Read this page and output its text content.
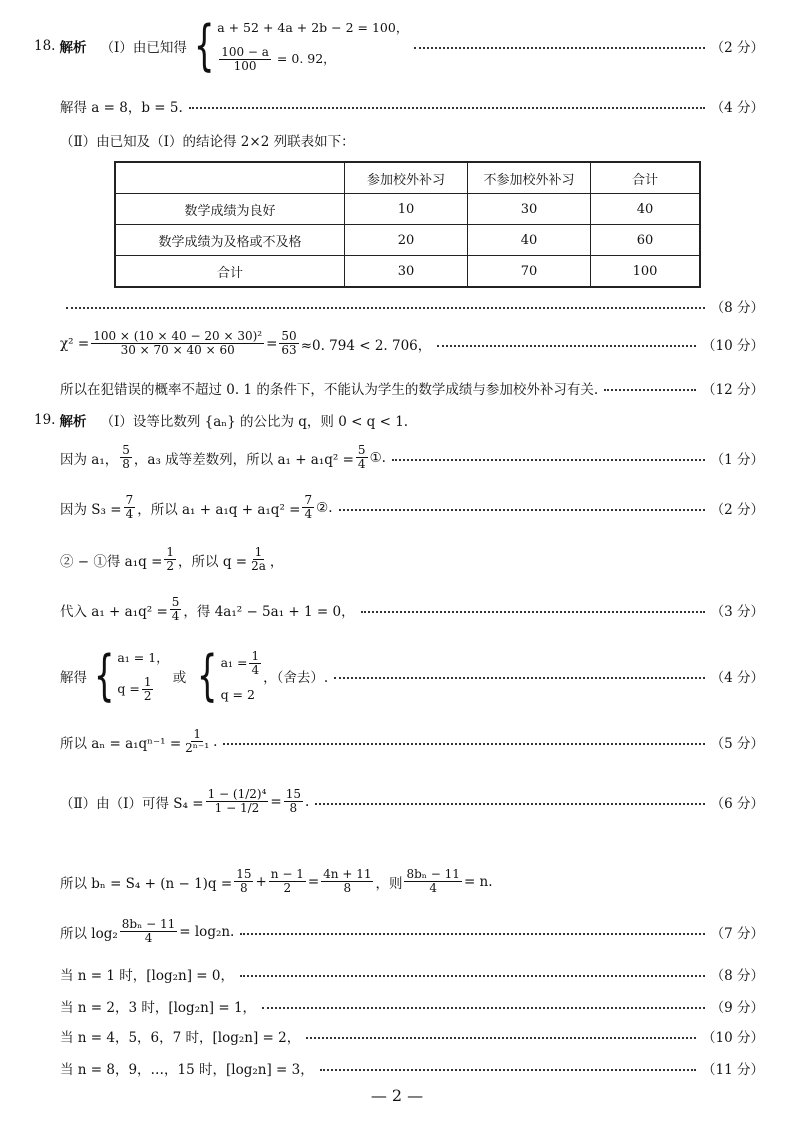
18. 解析 （Ⅰ）由已知得 { a + 52 + 4a + 2b − 2 = 100，
$\frac{100 - a}{100} = 0$. 92，
（2 分）
解得 a = 8，b = 5.	（4 分）
（Ⅱ）由已知及（Ⅰ）的结论得 2×2 列联表如下：
	参加校外补习	不参加校外补习	合计
数学成绩为良好	10	30	40
数学成绩为及格或不及格	20	40	60
合计	30	70	100
（8 分）
$\chi^2 = \frac{\text{100 × (10 × 40 − 20 × 30)²}}{30 \times 70 \times 40 \times 60} = \frac{50}{63} \approx 0$. 794 < 2. 706，	（10 分）
所以在犯错误的概率不超过 0. 1 的条件下，不能认为学生的数学成绩与参加校外补习有关.	（12 分）
19. 解析 （Ⅰ）设等比数列 {aₙ} 的公比为 q，则 0 < q < 1.
因为 a₁， $\frac{5}{8}$ ，a₃ 成等差数列，所以 $a_1 + a_1q^2 = \frac{5}{4}$ ①.	（1 分）
因为 $S_3 = \frac{7}{4}$ ，所以 $a_1 + a_1q + a_1q^2 = \frac{7}{4}$ ②.	（2 分）
② − ①得 $a_1q = \frac{1}{2}$ ，所以 $q = \frac{1}{2a}$ ，
代入 $a_1 + a_1q^2 = \frac{5}{4}$ ，得 4a₁² − 5a₁ + 1 = 0，	（3 分）
解得 { a₁ = 1，
$q = \frac{1}{2}$ 或 { $a_1 = \frac{1}{4}$
q = 2
，（舍去）.	（4 分）
所以 $a_n = a_1q^{n-1} = \frac{1}{\text{2ⁿ⁻¹}}$ .	（5 分）
（Ⅱ）由（Ⅰ）可得 $S_4 = \frac{\text{1 − (1/2)⁴}}{1 - 1/2} = \frac{15}{8}$ .	（6 分）
所以 $b_n = S_4 + (n - 1)q = \frac{15}{8} + \frac{n - 1}{2} = \frac{4n + 11}{8}$ ，则 $\frac{\text{8bₙ − 11}}{4} = n$.
所以 $\log_2 \frac{\text{8bₙ − 11}}{4} = \log_2n$.	（7 分）
当 n = 1 时，[log₂n] = 0，	（8 分）
当 n = 2，3 时，[log₂n] = 1，	（9 分）
当 n = 4，5，6，7 时，[log₂n] = 2，	（10 分）
当 n = 8，9，…，15 时，[log₂n] = 3，	（11 分）
— 2 —
